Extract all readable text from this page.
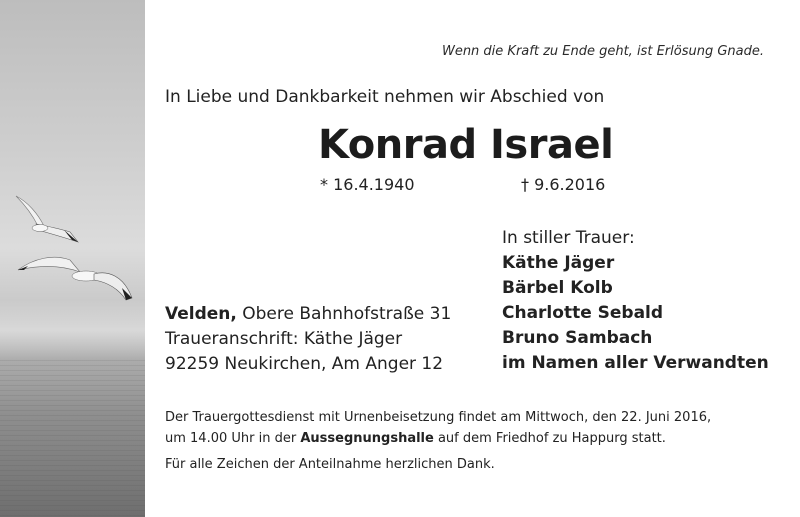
Wenn die Kraft zu Ende geht, ist Erlösung Gnade.
In Liebe und Dankbarkeit nehmen wir Abschied von
Konrad Israel
* 16.4.1940	† 9.6.2016
Velden, Obere Bahnhofstraße 31
Traueranschrift: Käthe Jäger
92259 Neukirchen, Am Anger 12
In stiller Trauer:
Käthe Jäger
Bärbel Kolb
Charlotte Sebald
Bruno Sambach
im Namen aller Verwandten
Der Trauergottesdienst mit Urnenbeisetzung findet am Mittwoch, den 22. Juni 2016,
um 14.00 Uhr in der Aussegnungshalle auf dem Friedhof zu Happurg statt.
Für alle Zeichen der Anteilnahme herzlichen Dank.
